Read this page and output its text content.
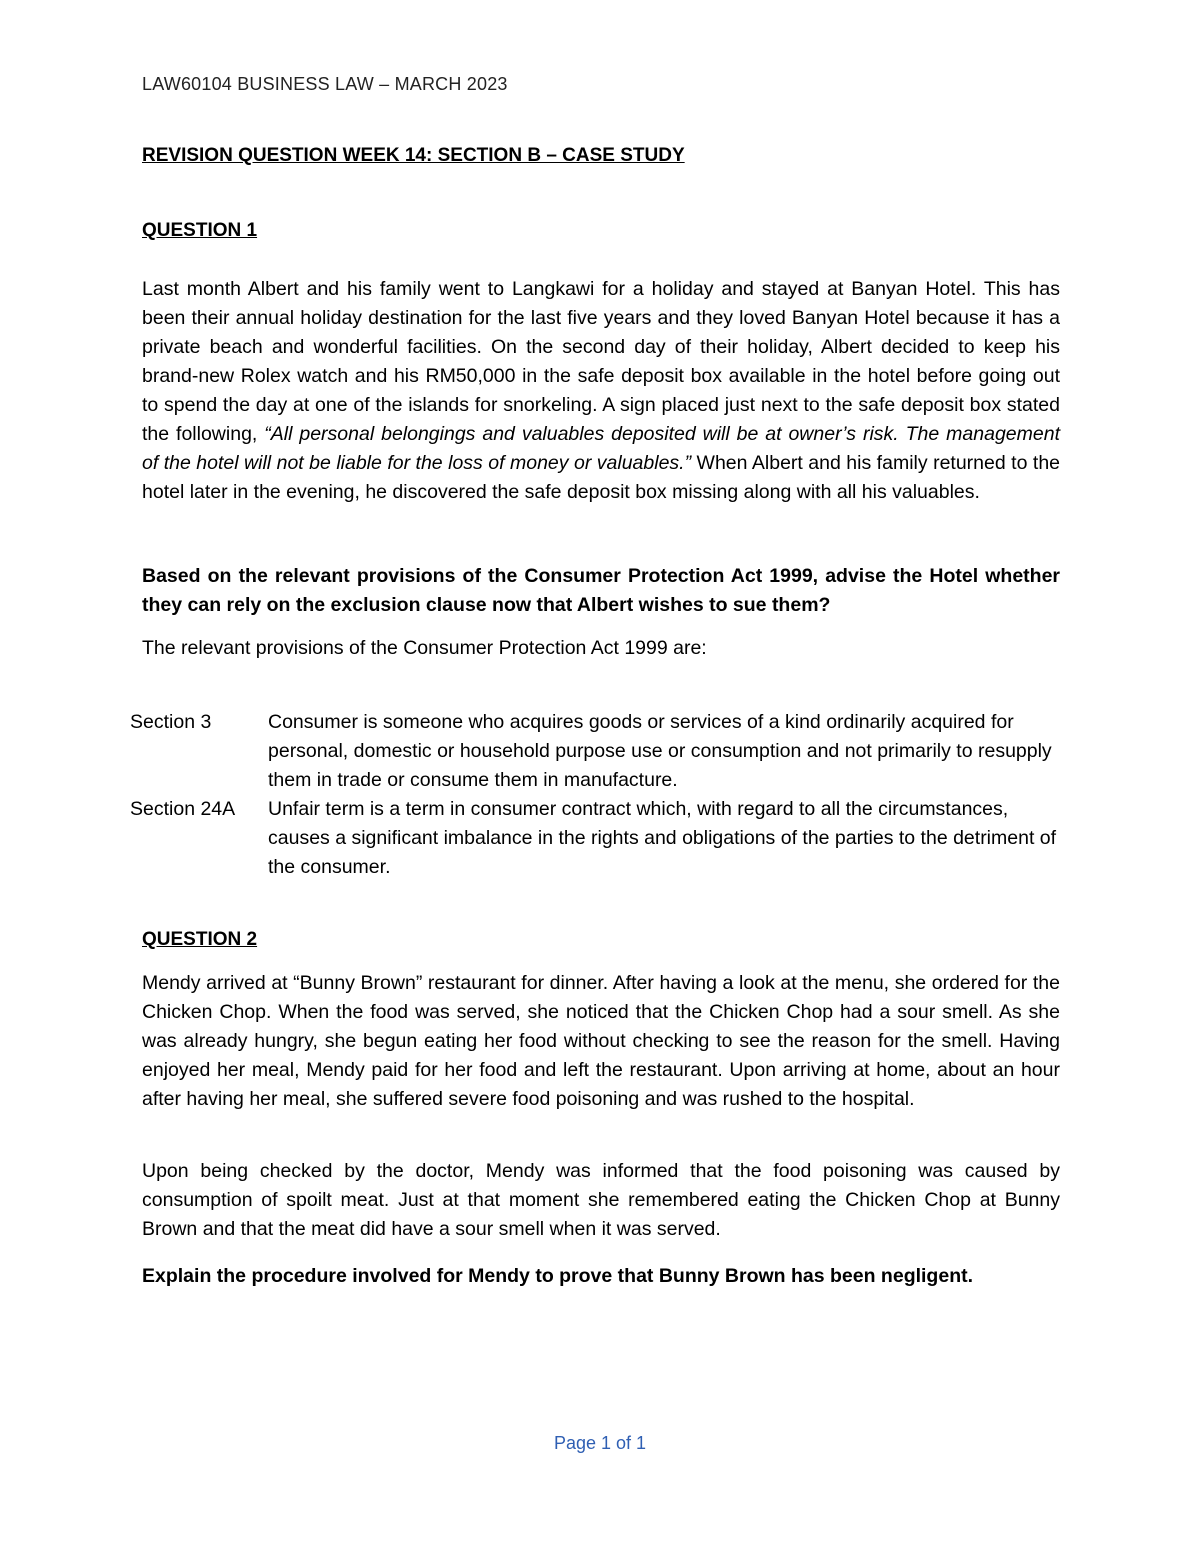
LAW60104 BUSINESS LAW – MARCH 2023
REVISION QUESTION WEEK 14: SECTION B – CASE STUDY
QUESTION 1
Last month Albert and his family went to Langkawi for a holiday and stayed at Banyan Hotel. This has been their annual holiday destination for the last five years and they loved Banyan Hotel because it has a private beach and wonderful facilities. On the second day of their holiday, Albert decided to keep his brand-new Rolex watch and his RM50,000 in the safe deposit box available in the hotel before going out to spend the day at one of the islands for snorkeling. A sign placed just next to the safe deposit box stated the following, “All personal belongings and valuables deposited will be at owner’s risk. The management of the hotel will not be liable for the loss of money or valuables.” When Albert and his family returned to the hotel later in the evening, he discovered the safe deposit box missing along with all his valuables.
Based on the relevant provisions of the Consumer Protection Act 1999, advise the Hotel whether they can rely on the exclusion clause now that Albert wishes to sue them?
The relevant provisions of the Consumer Protection Act 1999 are:
Section 3	Consumer is someone who acquires goods or services of a kind ordinarily acquired for personal, domestic or household purpose use or consumption and not primarily to resupply them in trade or consume them in manufacture.
Section 24A Unfair term is a term in consumer contract which, with regard to all the circumstances, causes a significant imbalance in the rights and obligations of the parties to the detriment of the consumer.
QUESTION 2
Mendy arrived at “Bunny Brown” restaurant for dinner. After having a look at the menu, she ordered for the Chicken Chop. When the food was served, she noticed that the Chicken Chop had a sour smell. As she was already hungry, she begun eating her food without checking to see the reason for the smell. Having enjoyed her meal, Mendy paid for her food and left the restaurant. Upon arriving at home, about an hour after having her meal, she suffered severe food poisoning and was rushed to the hospital.
Upon being checked by the doctor, Mendy was informed that the food poisoning was caused by consumption of spoilt meat. Just at that moment she remembered eating the Chicken Chop at Bunny Brown and that the meat did have a sour smell when it was served.
Explain the procedure involved for Mendy to prove that Bunny Brown has been negligent.
Page 1 of 1
